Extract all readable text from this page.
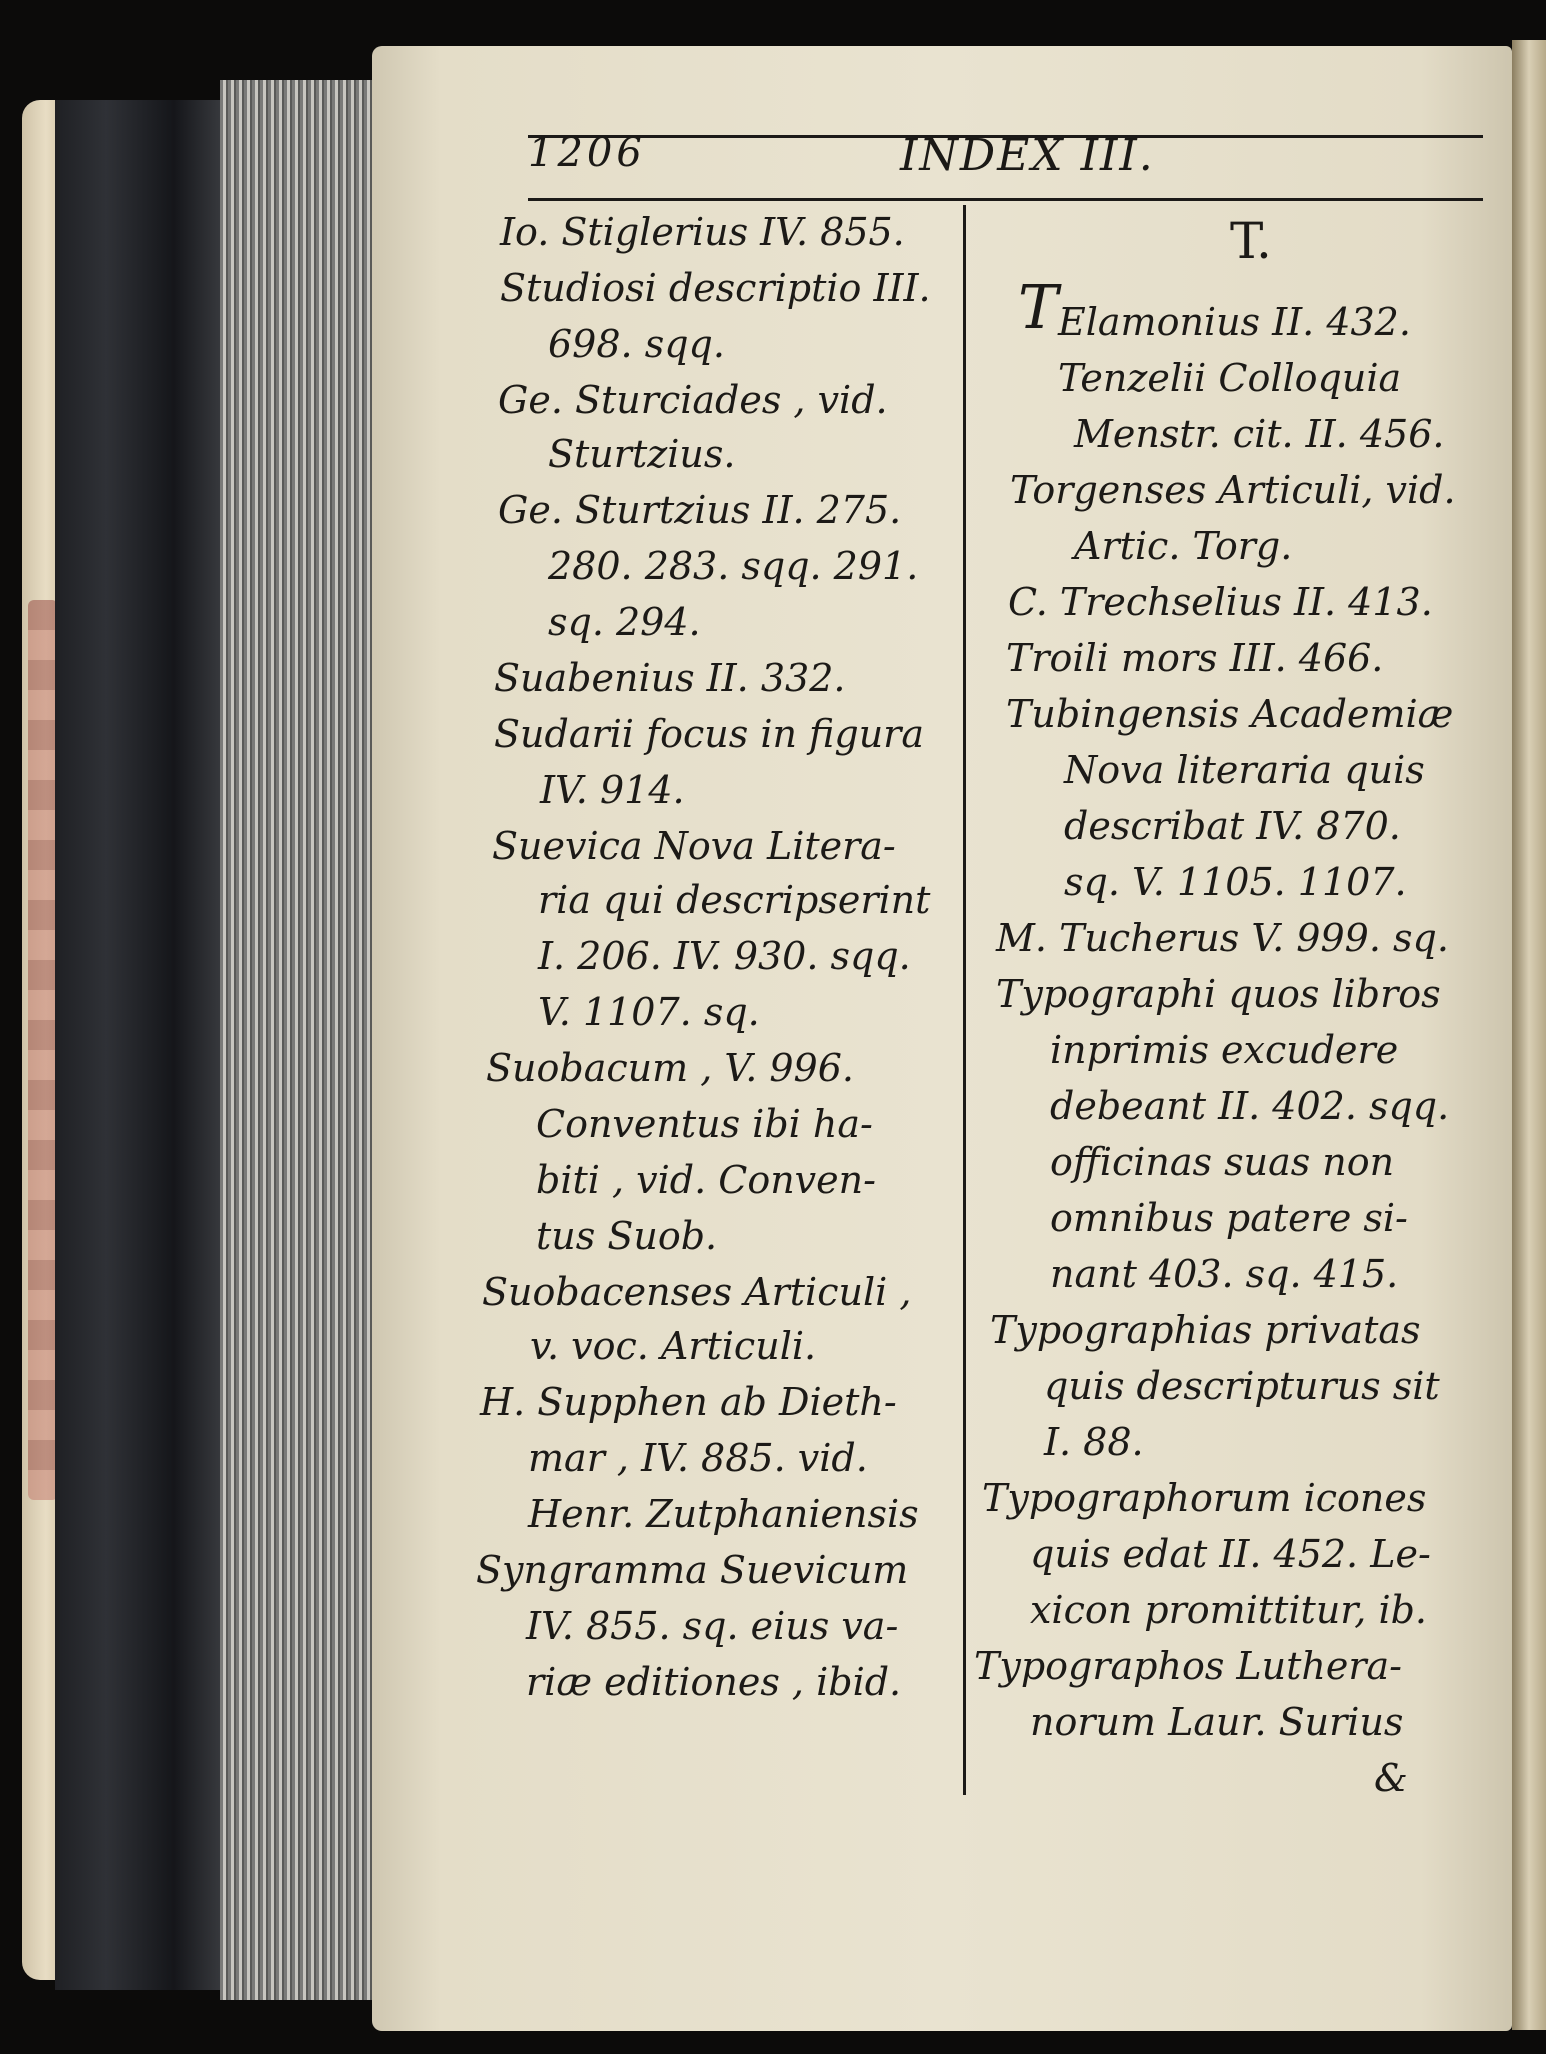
1206	INDEX III.
Io. Stiglerius IV. 855.
Studiosi descriptio III.
698. sqq.
Ge. Sturciades , vid.
Sturtzius.
Ge. Sturtzius II. 275.
280. 283. sqq. 291.
sq. 294.
Suabenius II. 332.
Sudarii focus in figura
IV. 914.
Suevica Nova Litera-
ria qui descripserint
I. 206. IV. 930. sqq.
V. 1107. sq.
Suobacum , V. 996.
Conventus ibi ha-
biti , vid. Conven-
tus Suob.
Suobacenses Articuli ,
v. voc. Articuli.
H. Supphen ab Dieth-
mar , IV. 885. vid.
Henr. Zutphaniensis
Syngramma Suevicum
IV. 855. sq. eius va-
riæ editiones , ibid.
T.
T Elamonius II. 432.
Tenzelii Colloquia
Menstr. cit. II. 456.
Torgenses Articuli, vid.
Artic. Torg.
C. Trechselius II. 413.
Troili mors III. 466.
Tubingensis Academiæ
Nova literaria quis
describat IV. 870.
sq. V. 1105. 1107.
M. Tucherus V. 999. sq.
Typographi quos libros
inprimis excudere
debeant II. 402. sqq.
officinas suas non
omnibus patere si-
nant 403. sq. 415.
Typographias privatas
quis descripturus sit
I. 88.
Typographorum icones
quis edat II. 452. Le-
xicon promittitur, ib.
Typographos Luthera-
norum Laur. Surius
&
